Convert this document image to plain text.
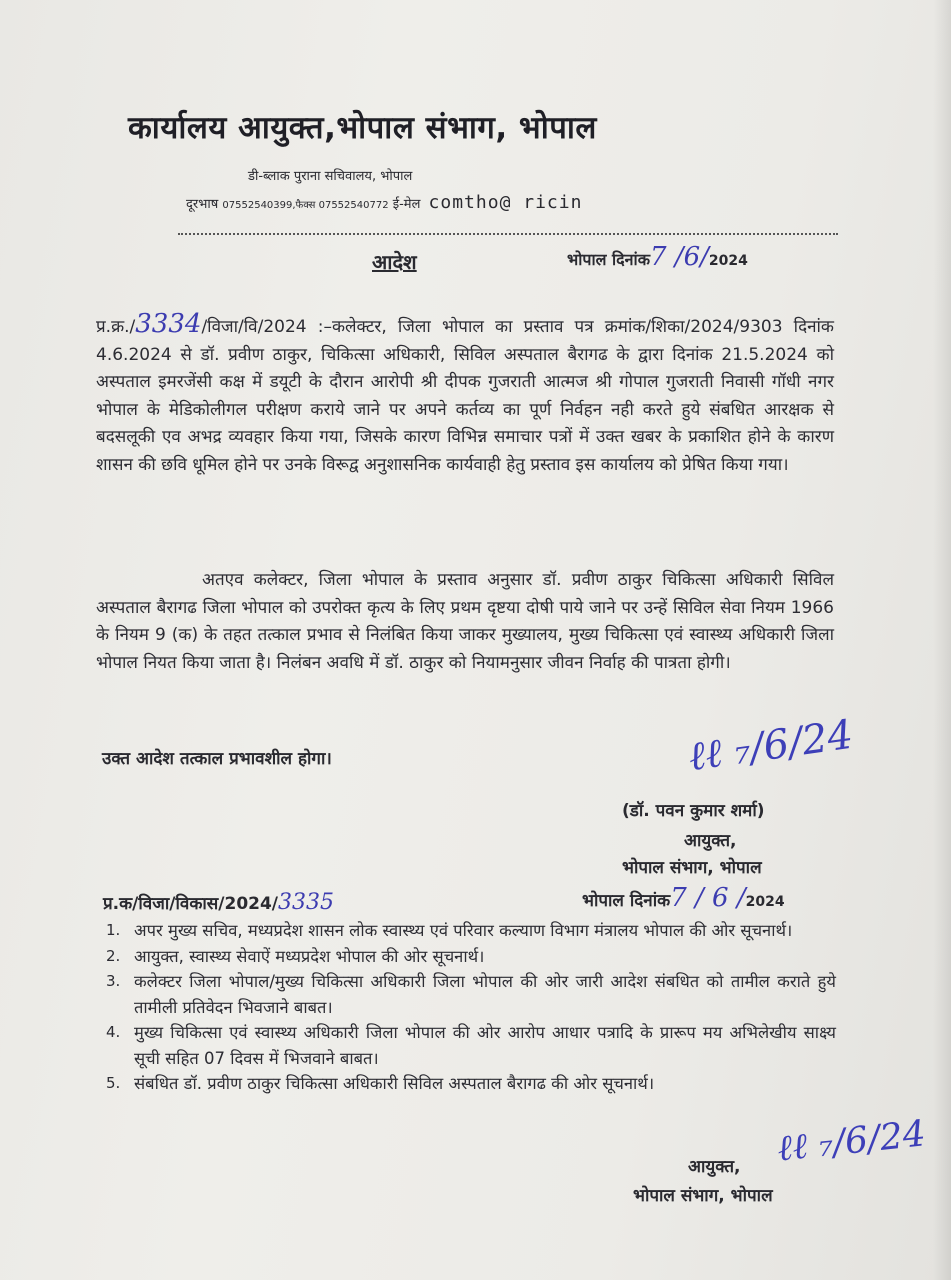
कार्यालय आयुक्त,भोपाल संभाग, भोपाल
डी-ब्लाक पुराना सचिवालय, भोपाल
दूरभाष 07552540399,फैक्स 07552540772 ई-मेल comtho@ ricin
आदेश	भोपाल दिनांक7 /6/2024
प्र.क्र./3334/विजा/वि/2024 :–कलेक्टर, जिला भोपाल का प्रस्ताव पत्र क्रमांक/शिका/2024/9303 दिनांक 4.6.2024 से डॉ. प्रवीण ठाकुर, चिकित्सा अधिकारी, सिविल अस्पताल बैरागढ के द्वारा दिनांक 21.5.2024 को अस्पताल इमरजेंसी कक्ष में डयूटी के दौरान आरोपी श्री दीपक गुजराती आत्मज श्री गोपाल गुजराती निवासी गॉधी नगर भोपाल के मेडिकोलीगल परीक्षण कराये जाने पर अपने कर्तव्य का पूर्ण निर्वहन नही करते हुये संबधित आरक्षक से बदसलूकी एव अभद्र व्यवहार किया गया, जिसके कारण विभिन्न समाचार पत्रों में उक्त खबर के प्रकाशित होने के कारण शासन की छवि धूमिल होने पर उनके विरूद्व अनुशासनिक कार्यवाही हेतु प्रस्ताव इस कार्यालय को प्रेषित किया गया।
अतएव कलेक्टर, जिला भोपाल के प्रस्ताव अनुसार डॉ. प्रवीण ठाकुर चिकित्सा अधिकारी सिविल अस्पताल बैरागढ जिला भोपाल को उपरोक्त कृत्य के लिए प्रथम दृष्टया दोषी पाये जाने पर उन्हें सिविल सेवा नियम 1966 के नियम 9 (क) के तहत तत्काल प्रभाव से निलंबित किया जाकर मुख्यालय, मुख्य चिकित्सा एवं स्वास्थ्य अधिकारी जिला भोपाल नियत किया जाता है। निलंबन अवधि में डॉ. ठाकुर को नियामनुसार जीवन निर्वाह की पात्रता होगी।
उक्त आदेश तत्काल प्रभावशील होगा।	ℓℓ ₇/6/24
(डॉ. पवन कुमार शर्मा)
आयुक्त,
भोपाल संभाग, भोपाल
प्र.क/विजा/विकास/2024/3335	भोपाल दिनांक7 / 6 /2024
1. अपर मुख्य सचिव, मध्यप्रदेश शासन लोक स्वास्थ्य एवं परिवार कल्याण विभाग मंत्रालय भोपाल की ओर सूचनार्थ।
2. आयुक्त, स्वास्थ्य सेवाऐं मध्यप्रदेश भोपाल की ओर सूचनार्थ।
3. कलेक्टर जिला भोपाल/मुख्य चिकित्सा अधिकारी जिला भोपाल की ओर जारी आदेश संबधित को तामील कराते हुये तामीली प्रतिवेदन भिवजाने बाबत।
4. मुख्य चिकित्सा एवं स्वास्थ्य अधिकारी जिला भोपाल की ओर आरोप आधार पत्रादि के प्रारूप मय अभिलेखीय साक्ष्य सूची सहित 07 दिवस में भिजवाने बाबत।
5. संबधित डॉ. प्रवीण ठाकुर चिकित्सा अधिकारी सिविल अस्पताल बैरागढ की ओर सूचनार्थ।
ℓℓ ₇/6/24
आयुक्त,
भोपाल संभाग, भोपाल
